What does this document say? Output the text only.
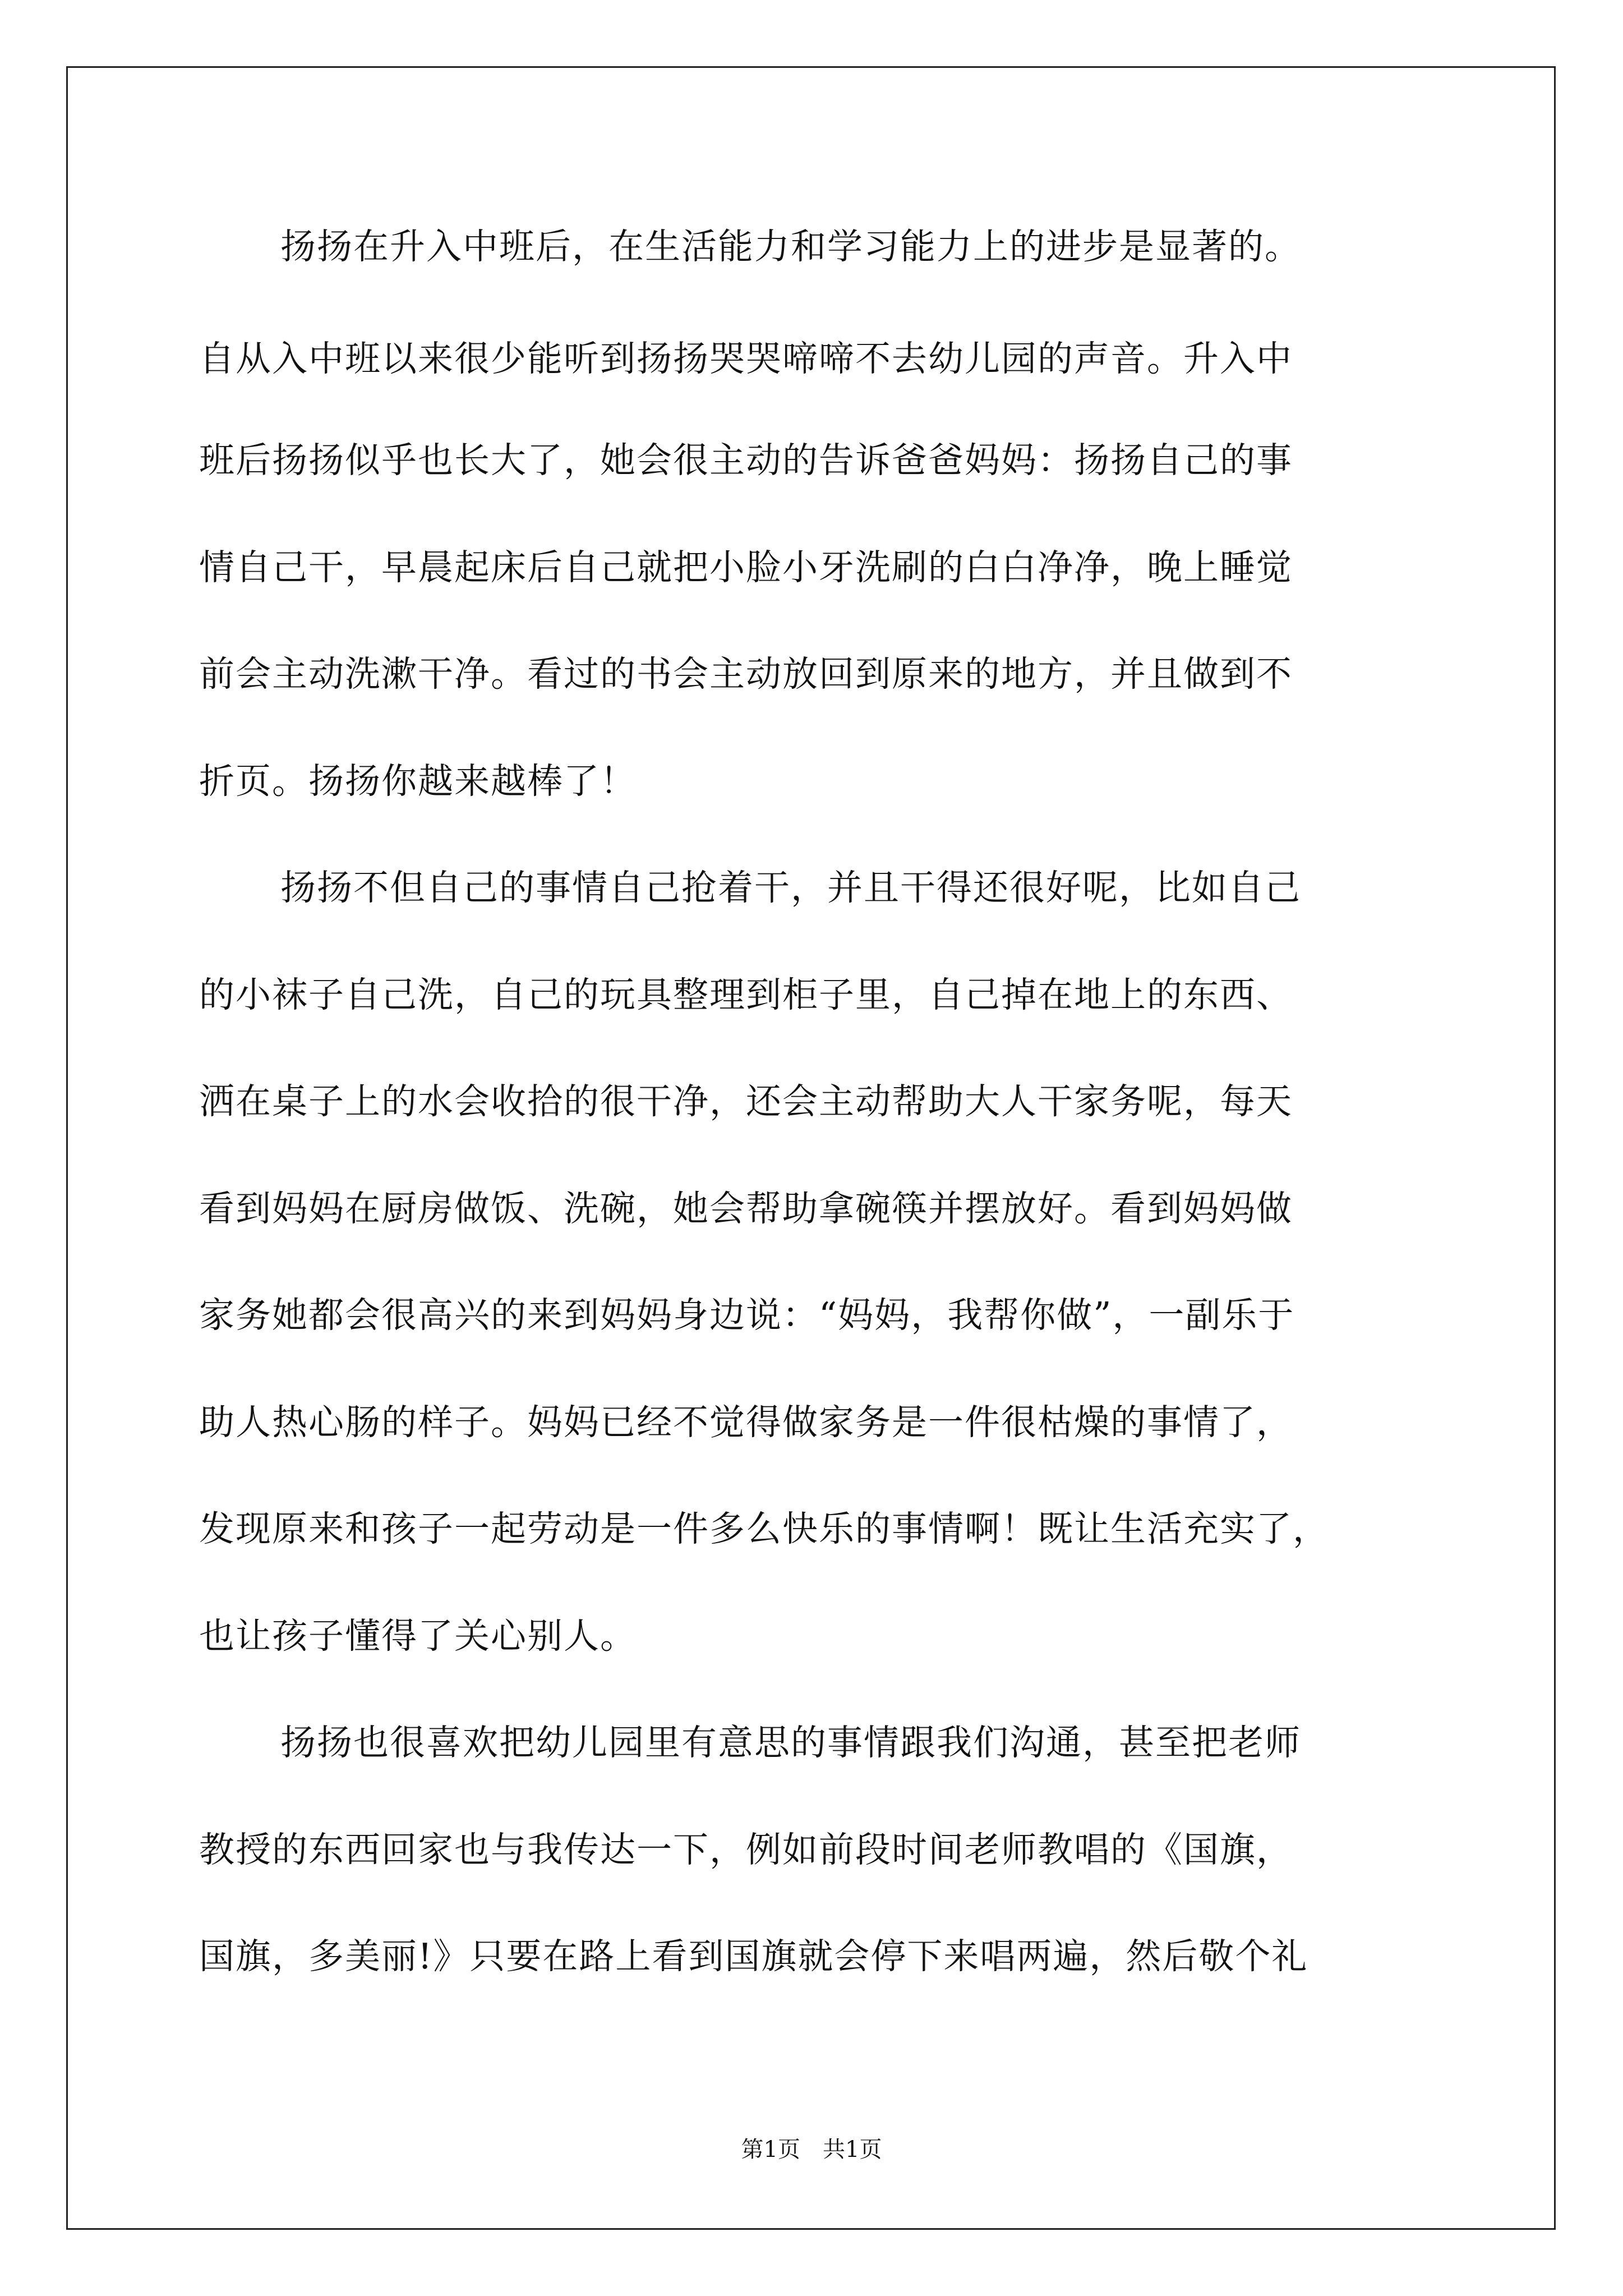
扬扬在升入中班后，在生活能力和学习能力上的进步是显著的。
自从入中班以来很少能听到扬扬哭哭啼啼不去幼儿园的声音。升入中
班后扬扬似乎也长大了，她会很主动的告诉爸爸妈妈：扬扬自己的事
情自己干，早晨起床后自己就把小脸小牙洗刷的白白净净，晚上睡觉
前会主动洗漱干净。看过的书会主动放回到原来的地方，并且做到不
折页。扬扬你越来越棒了！
扬扬不但自己的事情自己抢着干，并且干得还很好呢，比如自己
的小袜子自己洗，自己的玩具整理到柜子里，自己掉在地上的东西、
洒在桌子上的水会收拾的很干净，还会主动帮助大人干家务呢，每天
看到妈妈在厨房做饭、洗碗，她会帮助拿碗筷并摆放好。看到妈妈做
家务她都会很高兴的来到妈妈身边说：“妈妈，我帮你做”，一副乐于
助人热心肠的样子。妈妈已经不觉得做家务是一件很枯燥的事情了，
发现原来和孩子一起劳动是一件多么快乐的事情啊！既让生活充实了，
也让孩子懂得了关心别人。
扬扬也很喜欢把幼儿园里有意思的事情跟我们沟通，甚至把老师
教授的东西回家也与我传达一下，例如前段时间老师教唱的《国旗，
国旗，多美丽!》只要在路上看到国旗就会停下来唱两遍，然后敬个礼
第1页　共1页
